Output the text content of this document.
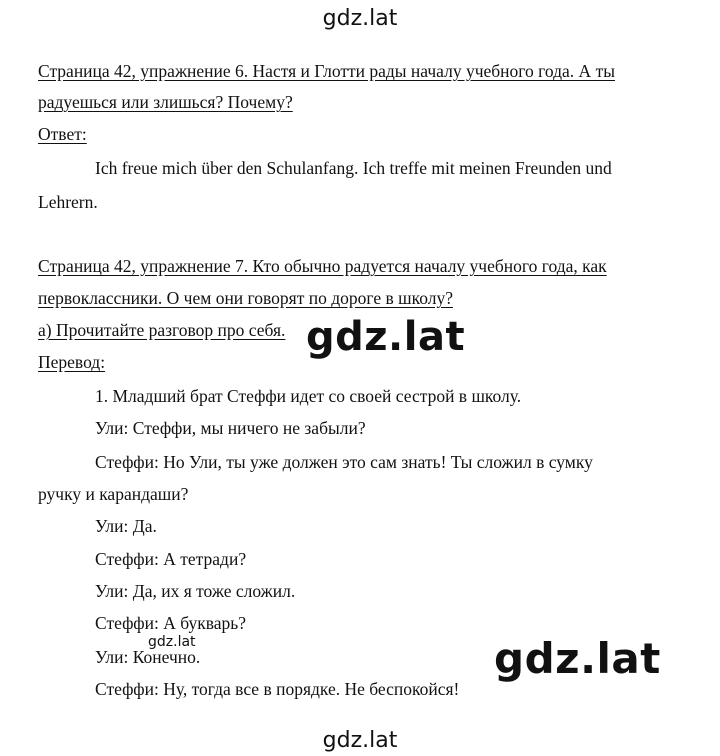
gdz.lat
Страница 42, упражнение 6. Настя и Глотти рады началу учебного года. А ты
радуешься или злишься? Почему?
Ответ:
Ich freue mich über den Schulanfang. Ich treffe mit meinen Freunden und
Lehrern.
Страница 42, упражнение 7. Кто обычно радуется началу учебного года, как
первоклассники. О чем они говорят по дороге в школу?
а) Прочитайте разговор про себя.
Перевод:
1. Младший брат Стеффи идет со своей сестрой в школу.
Ули: Стеффи, мы ничего не забыли?
Стеффи: Но Ули, ты уже должен это сам знать! Ты сложил в сумку
ручку и карандаши?
Ули: Да.
Стеффи: А тетради?
Ули: Да, их я тоже сложил.
Стеффи: А букварь?
Ули: Конечно.
Стеффи: Ну, тогда все в порядке. Не беспокойся!
gdz.lat
gdz.lat	gdz.lat
gdz.lat
